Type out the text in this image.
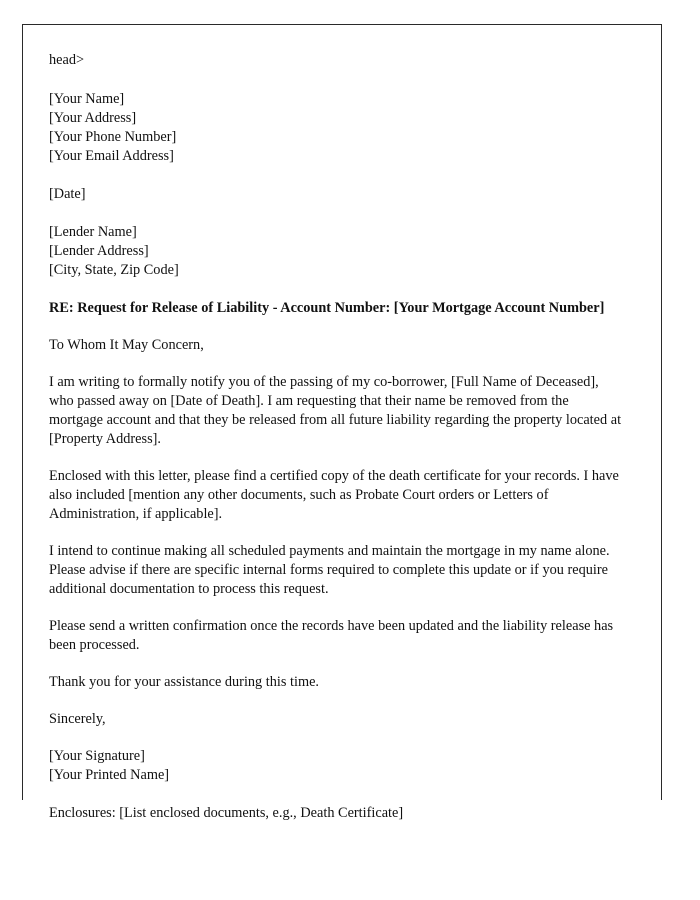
head>
[Your Name]
[Your Address]
[Your Phone Number]
[Your Email Address]
[Date]
[Lender Name]
[Lender Address]
[City, State, Zip Code]
RE: Request for Release of Liability - Account Number: [Your Mortgage Account Number]
To Whom It May Concern,

I am writing to formally notify you of the passing of my co-borrower, [Full Name of Deceased], who passed away on [Date of Death]. I am requesting that their name be removed from the mortgage account and that they be released from all future liability regarding the property located at [Property Address].

Enclosed with this letter, please find a certified copy of the death certificate for your records. I have also included [mention any other documents, such as Probate Court orders or Letters of Administration, if applicable].

I intend to continue making all scheduled payments and maintain the mortgage in my name alone. Please advise if there are specific internal forms required to complete this update or if you require additional documentation to process this request.

Please send a written confirmation once the records have been updated and the liability release has been processed.

Thank you for your assistance during this time.

Sincerely,
[Your Signature]
[Your Printed Name]
Enclosures: [List enclosed documents, e.g., Death Certificate]
